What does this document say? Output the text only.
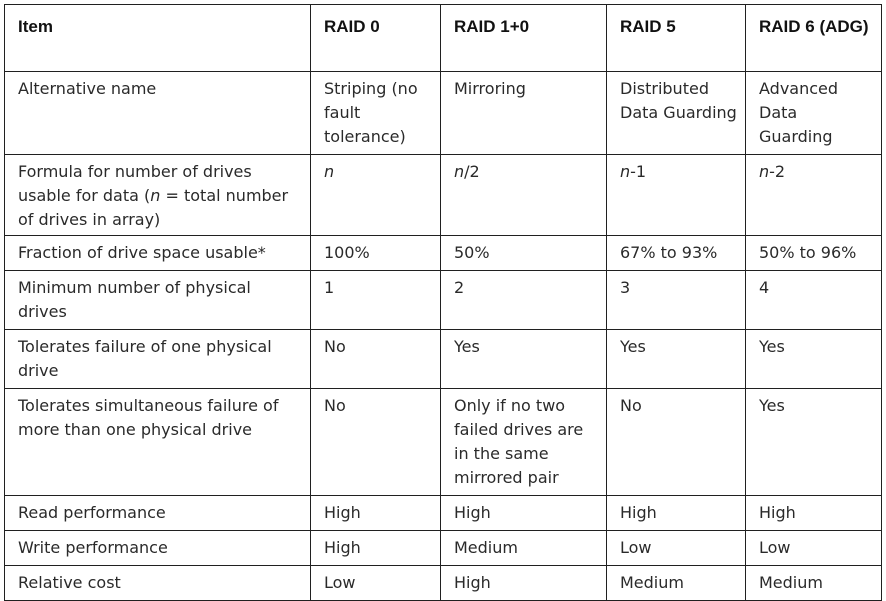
Item	RAID 0	RAID 1+0	RAID 5	RAID 6 (ADG)
Alternative name	Striping (no fault tolerance)	Mirroring	Distributed Data Guarding	Advanced Data Guarding
Formula for number of drives usable for data (n = total number of drives in array)	n	n/2	n-1	n-2
Fraction of drive space usable*	100%	50%	67% to 93%	50% to 96%
Minimum number of physical drives	1	2	3	4
Tolerates failure of one physical drive	No	Yes	Yes	Yes
Tolerates simultaneous failure of more than one physical drive	No	Only if no two failed drives are in the same mirrored pair	No	Yes
Read performance	High	High	High	High
Write performance	High	Medium	Low	Low
Relative cost	Low	High	Medium	Medium
